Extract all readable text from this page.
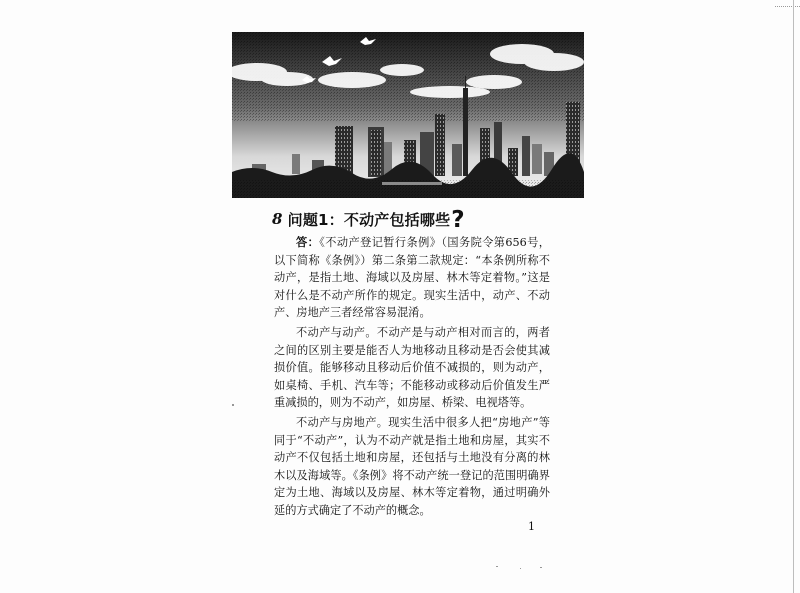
8 问题1：不动产包括哪些 ?

答：《不动产登记暂行条例》（国务院令第656号，以下简称《条例》）第二条第二款规定：“本条例所称不动产，是指土地、海域以及房屋、林木等定着物。”这是对什么是不动产所作的规定。现实生活中，动产、不动产、房地产三者经常容易混淆。

不动产与动产。不动产是与动产相对而言的，两者之间的区别主要是能否人为地移动且移动是否会使其减损价值。能够移动且移动后价值不减损的，则为动产，如桌椅、手机、汽车等；不能移动或移动后价值发生严重减损的，则为不动产，如房屋、桥梁、电视塔等。

不动产与房地产。现实生活中很多人把“房地产”等同于“不动产”，认为不动产就是指土地和房屋，其实不动产不仅包括土地和房屋，还包括与土地没有分离的林木以及海域等。《条例》将不动产统一登记的范围明确界定为土地、海域以及房屋、林木等定着物，通过明确外延的方式确定了不动产的概念。

1
